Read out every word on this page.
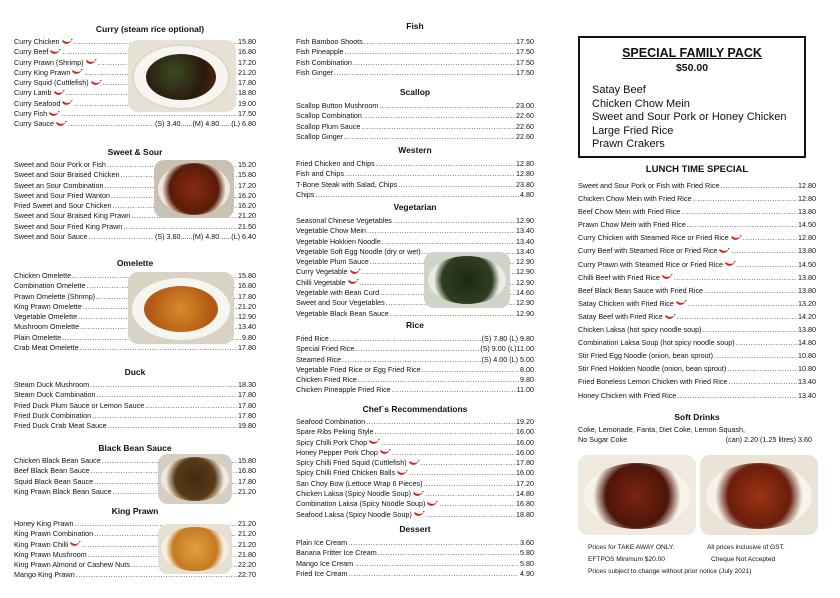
Curry (steam rice optional)
Curry Chicken .....	15.80
Curry Beef .....	16.80
Curry Prawn (Shrimp) .....	17.20
Curry King Prawn .....	21.20
Curry Squid (Cuttlefish) .....	17.80
Curry Lamb .....	18.80
Curry Seafood .....	19.00
Curry Fish .....	17.50
Curry Sauce .....	(S) 3.40......(M) 4.80......(L) 6.80
Sweet & Sour
Sweet and Sour Pork or Fish .....	15.20
Sweet and Sour Braised Chicken .....	15.80
Sweet an Sour Combination .....	17.20
Sweet and Sour Fried Wanton .....	16.20
Fried Sweet and Sour Chicken .....	16.20
Sweet and Sour Braised King Prawn .....	21.20
Sweet and Sour Fried King Prawn .....	21.50
Sweet and Sour Sauce .....	(S) 3.60......(M) 4.80......(L) 6.40
Omelette
Chicken Omelette .....	15.80
Combination Omelette .....	16.80
Prawn Omelette (Shrimp) .....	17.80
King Prawn Omelette .....	21.20
Vegetable Omelette .....	12.90
Mushroom Omelette .....	13.40
Plain Omelette .....	9.80
Crab Meat Omelette .....	17.80
Duck
Steam Duck Mushroom .....	18.30
Steam Duck Combination .....	17.80
Fried Duck Plum Sauce or Lemon Sauce .....	17.80
Fried Duck Combination .....	17.80
Fried Duck Crab Meat Sauce .....	19.80
Black Bean Sauce
Chicken Black Bean Sauce .....	15.80
Beef Black Bean Sauce .....	16.80
Squid Black Bean Sauce .....	17.80
King Prawn Black Bean Sauce .....	21.20
King Prawn
Honey King Prawn .....	21.20
King Prawn Combination .....	21.20
King Prawn Chilli .....	21.20
King Prawn Mushroom .....	21.80
King Prawn Almond or Cashew Nuts .....	22.20
Mango King Prawn .....	22.70
Fish
Fish Bamboo Shoots .....	17.50
Fish Pineapple .....	17.50
Fish Combination .....	17.50
Fish Ginger .....	17.50
Scallop
Scallop Button Mushroom .....	23.00
Scallop Combination .....	22.60
Scallop Plum Sauce .....	22.60
Scallop Ginger .....	22.60
Western
Fried Chicken and Chips .....	12.80
Fish and Chips .....	12.80
T-Bone Steak with Salad, Chips .....	23.80
Chips .....	4.80
Vegetarian
Seasonal Chinese Vegetables .....	12.90
Vegetable Chow Mein .....	13.40
Vegetable Hokkien Noodle .....	13.40
Vegetable Soft Egg Noodle (dry or wet) .....	13.40
Vegetable Plum Sauce .....	12.90
Curry Vegetable .....	12.90
Chilli Vegetable .....	12.90
Vegetable with Bean Curd .....	14.60
Sweet and Sour Vegetables .....	12.90
Vegetable Black Bean Sauce .....	12.90
Rice
Fried Rice .....	(S) 7.80 (L) 9.80
Special Fried Rice .....	(S) 9.00 (L)11.00
Steamed Rice .....	(S) 4.00 (L) 5.00
Vegetable Fried Rice or Egg Fried Rice .....	8.00
Chicken Fried Rice .....	9.80
Chicken Pineapple Fried Rice .....	11.00
Chef`s Recommendations
Seafood Combination .....	19.20
Spare Ribs Peking Style .....	16.00
Spicy Chilli Pork Chop .....	16.00
Honey Pepper Pork Chop .....	16.00
Spicy Chilli Fried Squid (Cuttlefish) .....	17.80
Spicy Chilli Fried Chicken Balls .....	16.00
San Choy Bow (Lettuce Wrap 6 Pieces) .....	17.20
Chicken Laksa (Spicy Noodle Soup) .....	14.80
Combination Laksa (Spicy Noodle Soup) .....	16.80
Seafood Laksa (Spicy Noodle Soup) .....	18.80
Dessert
Plain Ice Cream .....	3.60
Banana Fritter Ice Cream .....	5.80
Mango Ice Cream .....	5.80
Fried Ice Cream .....	4.90
SPECIAL FAMILY PACK
$50.00
Satay Beef
Chicken Chow Mein
Sweet and Sour Pork or Honey Chicken
Large Fried Rice
Prawn Crakers
LUNCH TIME SPECIAL
Sweet and Sour Pork or Fish with Fried Rice .....	12.80
Chicken Chow Mein with Fried Rice .....	12.80
Beef Chow Mein with Fried Rice .....	13.80
Prawn Chow Mein with Fried Rice .....	14.50
Curry Chicken with Steamed Rice or Fried Rice .....	12.80
Curry Beef with Steamed Rice or Fried Rice .....	13.80
Curry Prawn with Steamed Rice or Fried Rice .....	14.50
Chilli Beef with Fried Rice .....	13.80
Beef Black Bean Sauce with Fried Rice .....	13.80
Satay Chicken with Fried Rice .....	13.20
Satay Beef with Fried Rice .....	14.20
Chicken Laksa (hot spicy noodle soup) .....	13.80
Combination Laksa Soup (hot spicy noodle soup) .....	14.80
Stir Fried Egg Noodle (onion, bean sprout) .....	10.80
Stir Fried Hokkien Noodle (onion, bean sprout) .....	10.80
Fried Boneless Lemon Chicken with Fried Rice .....	13.40
Honey Chicken with Fried Rice .....	13.40
Soft Drinks
Coke, Lemonade, Fanta, Diet Coke, Lemon Squash,
No Sugar Coke	(can) 2.20 (1.25 litres) 3.60
Prices for TAKE AWAY ONLY.	All prices inclusive of GST.
EFTPOS Minimum $20.00	Cheque Not Accepted
Prices subject to change without prior notice (July 2021)
